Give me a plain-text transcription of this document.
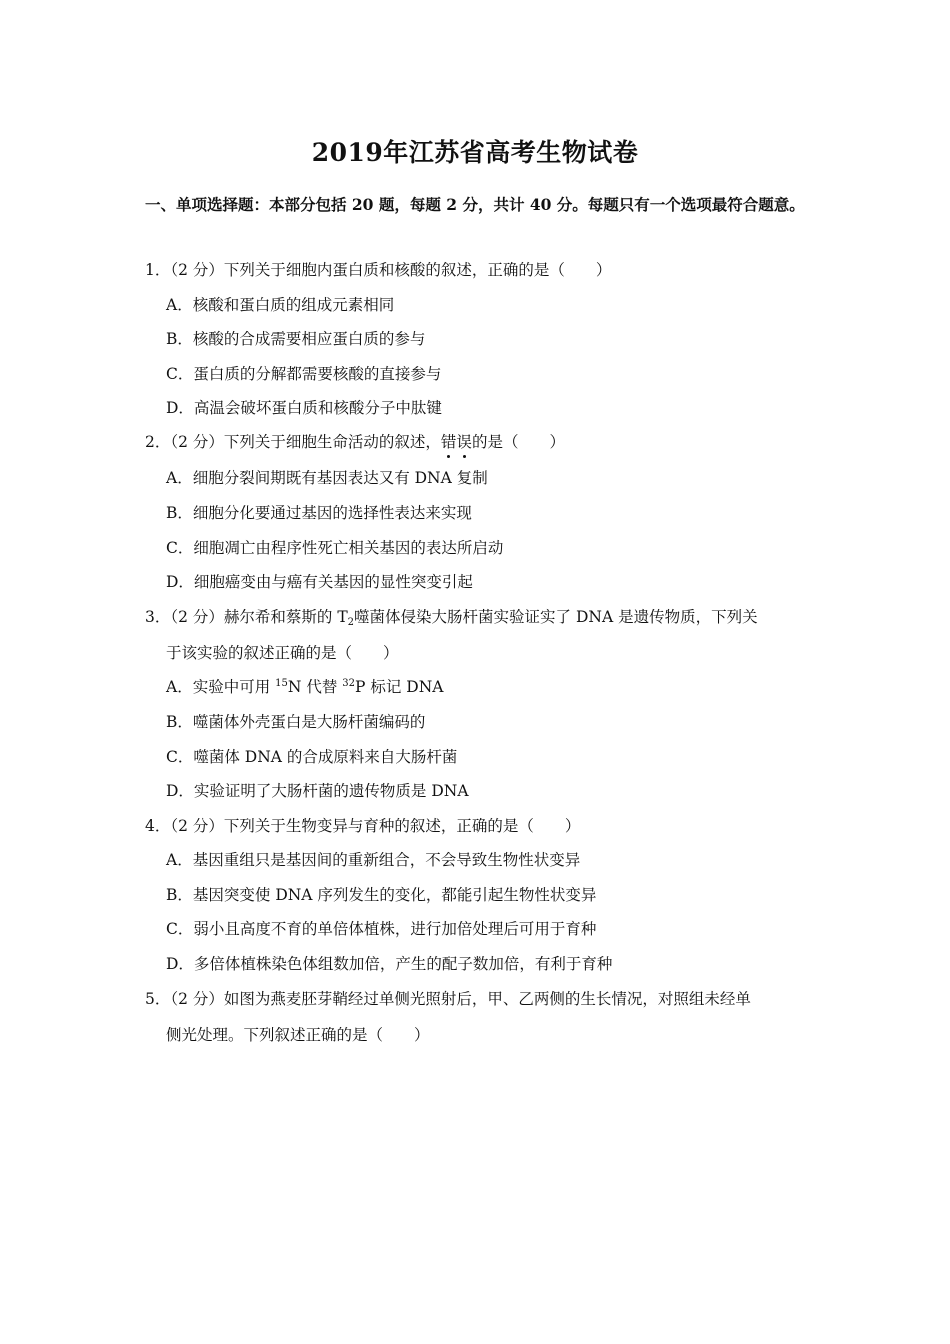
2019年江苏省高考生物试卷
一、单项选择题：本部分包括 20 题，每题 2 分，共计 40 分。每题只有一个选项最符合题意。
1．（2 分）下列关于细胞内蛋白质和核酸的叙述，正确的是（　　）
A．核酸和蛋白质的组成元素相同
B．核酸的合成需要相应蛋白质的参与
C．蛋白质的分解都需要核酸的直接参与
D．高温会破坏蛋白质和核酸分子中肽键
2．（2 分）下列关于细胞生命活动的叙述，错误的是（　　）
A．细胞分裂间期既有基因表达又有 DNA 复制
B．细胞分化要通过基因的选择性表达来实现
C．细胞凋亡由程序性死亡相关基因的表达所启动
D．细胞癌变由与癌有关基因的显性突变引起
3．（2 分）赫尔希和蔡斯的 $T_2$噬菌体侵染大肠杆菌实验证实了 DNA 是遗传物质，下列关
于该实验的叙述正确的是（　　）
A．实验中可用 $^{15}$N 代替 $^{32}$P 标记 DNA
B．噬菌体外壳蛋白是大肠杆菌编码的
C．噬菌体 DNA 的合成原料来自大肠杆菌
D．实验证明了大肠杆菌的遗传物质是 DNA
4．（2 分）下列关于生物变异与育种的叙述，正确的是（　　）
A．基因重组只是基因间的重新组合，不会导致生物性状变异
B．基因突变使 DNA 序列发生的变化，都能引起生物性状变异
C．弱小且高度不育的单倍体植株，进行加倍处理后可用于育种
D．多倍体植株染色体组数加倍，产生的配子数加倍，有利于育种
5．（2 分）如图为燕麦胚芽鞘经过单侧光照射后，甲、乙两侧的生长情况，对照组未经单
侧光处理。下列叙述正确的是（　　）
